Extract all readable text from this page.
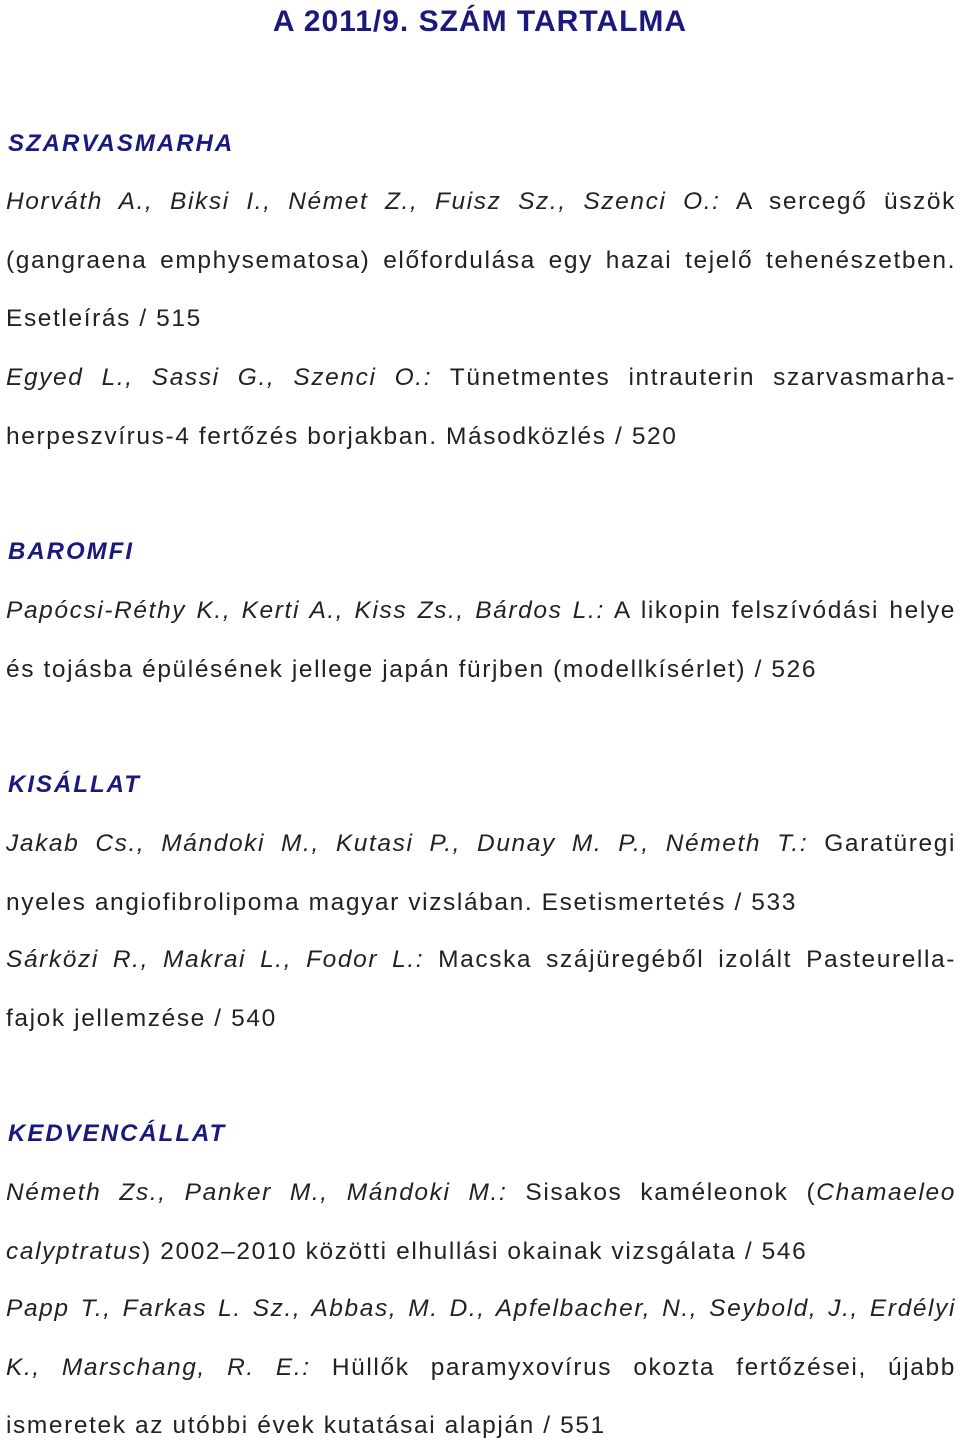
A 2011/9. SZÁM TARTALMA
SZARVASMARHA
Horváth A., Biksi I., Német Z., Fuisz Sz., Szenci O.: A sercegő üszök (gangraena emphysematosa) előfordulása egy hazai tejelő tehenészetben. Esetleírás / 515
Egyed L., Sassi G., Szenci O.: Tünetmentes intrauterin szarvasmarha-herpeszvírus-4 fertőzés borjakban. Másodközlés / 520
BAROMFI
Papócsi-Réthy K., Kerti A., Kiss Zs., Bárdos L.: A likopin felszívódási helye és tojásba épülésének jellege japán fürjben (modellkísérlet) / 526
KISÁLLAT
Jakab Cs., Mándoki M., Kutasi P., Dunay M. P., Németh T.: Garatüregi nyeles angiofibrolipoma magyar vizslában. Esetismertetés / 533
Sárközi R., Makrai L., Fodor L.: Macska szájüregéből izolált Pasteurella-fajok jellemzése / 540
KEDVENCÁLLAT
Németh Zs., Panker M., Mándoki M.: Sisakos kaméleonok (Chamaeleo calyptratus) 2002–2010 közötti elhullási okainak vizsgálata / 546
Papp T., Farkas L. Sz., Abbas, M. D., Apfelbacher, N., Seybold, J., Erdélyi K., Marschang, R. E.: Hüllők paramyxovírus okozta fertőzései, újabb ismeretek az utóbbi évek kutatásai alapján / 551
